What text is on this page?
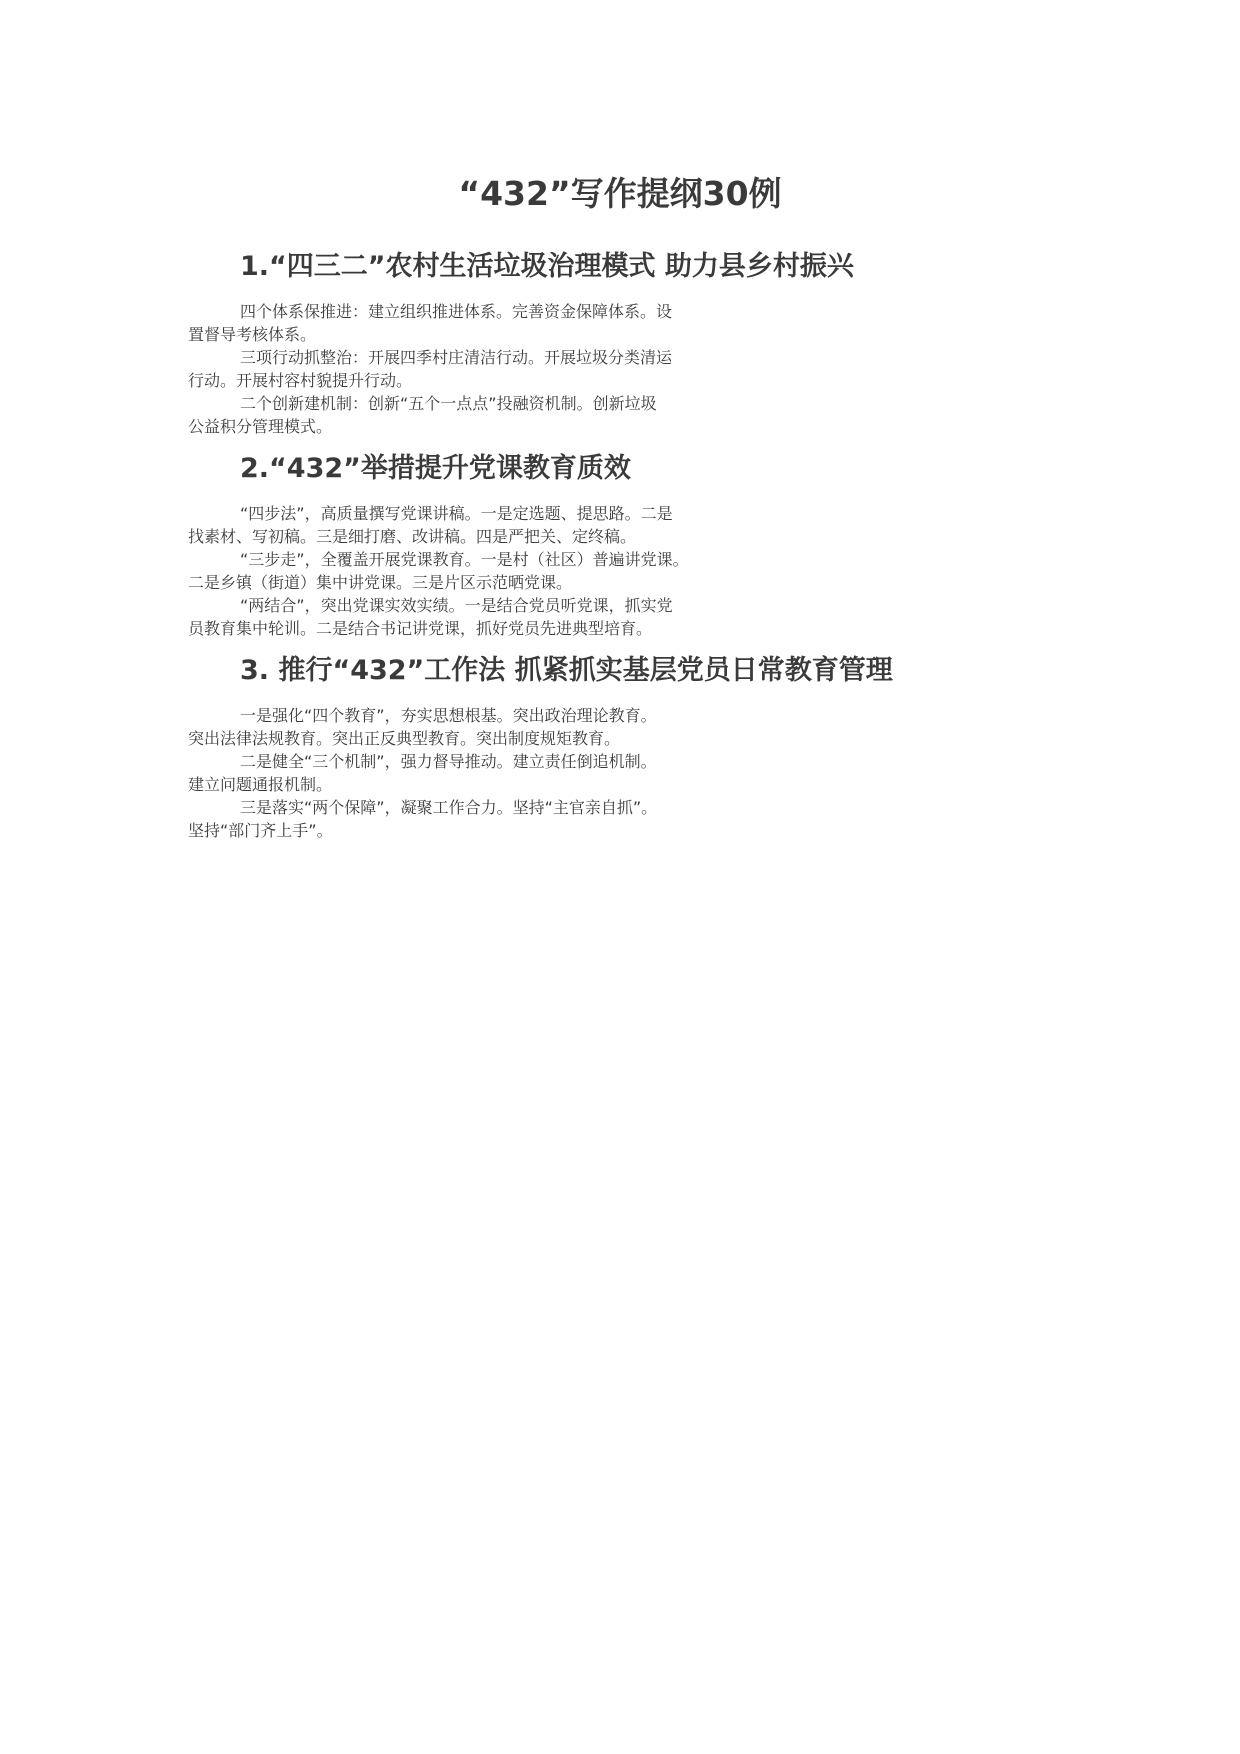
“432”写作提纲30例
1.“四三二”农村生活垃圾治理模式 助力县乡村振兴
四个体系保推进：建立组织推进体系。完善资金保障体系。设
置督导考核体系。
三项行动抓整治：开展四季村庄清洁行动。开展垃圾分类清运
行动。开展村容村貌提升行动。
二个创新建机制：创新“五个一点点”投融资机制。创新垃圾
公益积分管理模式。
2.“432”举措提升党课教育质效
“四步法”，高质量撰写党课讲稿。一是定选题、提思路。二是
找素材、写初稿。三是细打磨、改讲稿。四是严把关、定终稿。
“三步走”，全覆盖开展党课教育。一是村（社区）普遍讲党课。
二是乡镇（街道）集中讲党课。三是片区示范晒党课。
“两结合”，突出党课实效实绩。一是结合党员听党课，抓实党
员教育集中轮训。二是结合书记讲党课，抓好党员先进典型培育。
3. 推行“432”工作法 抓紧抓实基层党员日常教育管理
一是强化“四个教育”，夯实思想根基。突出政治理论教育。
突出法律法规教育。突出正反典型教育。突出制度规矩教育。
二是健全“三个机制”，强力督导推动。建立责任倒追机制。
建立问题通报机制。
三是落实“两个保障”，凝聚工作合力。坚持“主官亲自抓”。
坚持“部门齐上手”。
